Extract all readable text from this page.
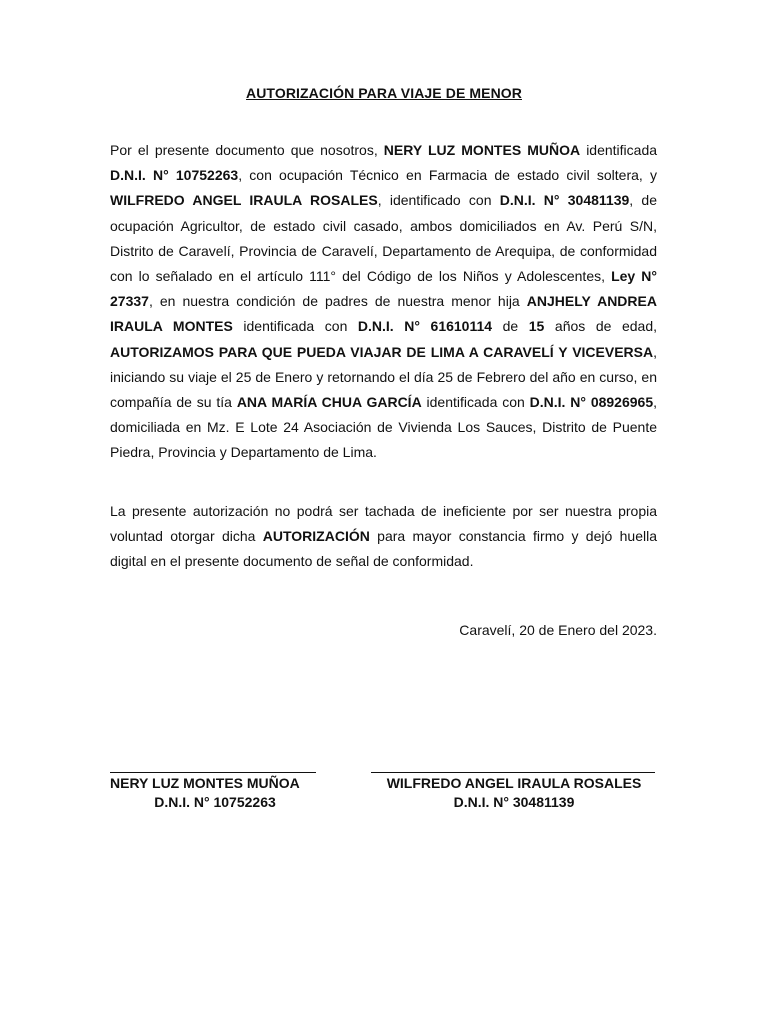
AUTORIZACIÓN PARA VIAJE DE MENOR

Por el presente documento que nosotros, NERY LUZ MONTES MUÑOA identificada D.N.I. N° 10752263, con ocupación Técnico en Farmacia de estado civil soltera, y WILFREDO ANGEL IRAULA ROSALES, identificado con D.N.I. N° 30481139, de ocupación Agricultor, de estado civil casado, ambos domiciliados en Av. Perú S/N, Distrito de Caravelí, Provincia de Caravelí, Departamento de Arequipa, de conformidad con lo señalado en el artículo 111° del Código de los Niños y Adolescentes, Ley N° 27337, en nuestra condición de padres de nuestra menor hija ANJHELY ANDREA IRAULA MONTES identificada con D.N.I. N° 61610114 de 15 años de edad, AUTORIZAMOS PARA QUE PUEDA VIAJAR DE LIMA A CARAVELÍ Y VICEVERSA, iniciando su viaje el 25 de Enero y retornando el día 25 de Febrero del año en curso, en compañía de su tía ANA MARÍA CHUA GARCÍA identificada con D.N.I. N° 08926965, domiciliada en Mz. E Lote 24 Asociación de Vivienda Los Sauces, Distrito de Puente Piedra, Provincia y Departamento de Lima.

La presente autorización no podrá ser tachada de ineficiente por ser nuestra propia voluntad otorgar dicha AUTORIZACIÓN para mayor constancia firmo y dejó huella digital en el presente documento de señal de conformidad.

Caravelí, 20 de Enero del 2023.
NERY LUZ MONTES MUÑOA
D.N.I. N° 10752263
WILFREDO ANGEL IRAULA ROSALES
D.N.I. N° 30481139
